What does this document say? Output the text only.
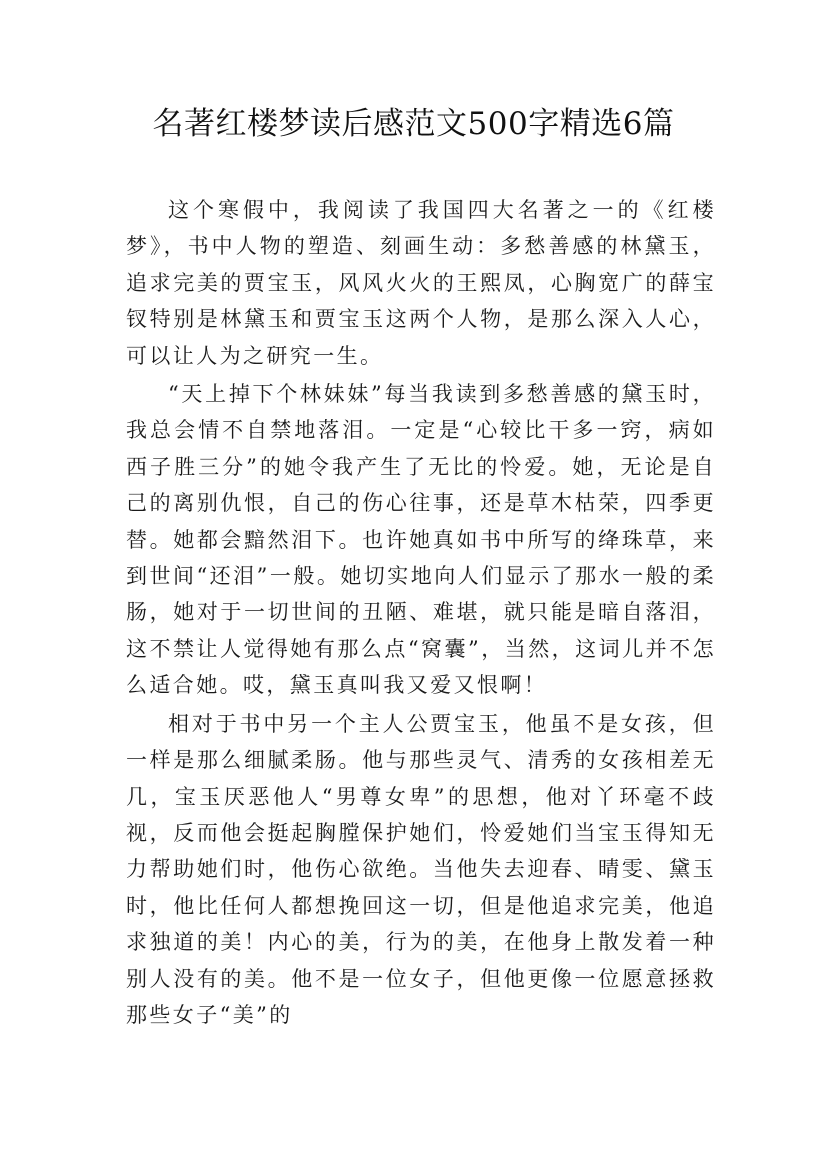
名著红楼梦读后感范文500字精选6篇

这个寒假中，我阅读了我国四大名著之一的《红楼梦》，书中人物的塑造、刻画生动：多愁善感的林黛玉，追求完美的贾宝玉，风风火火的王熙凤，心胸宽广的薛宝钗特别是林黛玉和贾宝玉这两个人物，是那么深入人心，可以让人为之研究一生。

“天上掉下个林妹妹”每当我读到多愁善感的黛玉时，我总会情不自禁地落泪。一定是“心较比干多一窍，病如西子胜三分”的她令我产生了无比的怜爱。她，无论是自己的离别仇恨，自己的伤心往事，还是草木枯荣，四季更替。她都会黯然泪下。也许她真如书中所写的绛珠草，来到世间“还泪”一般。她切实地向人们显示了那水一般的柔肠，她对于一切世间的丑陋、难堪，就只能是暗自落泪，这不禁让人觉得她有那么点“窝囊”，当然，这词儿并不怎么适合她。哎，黛玉真叫我又爱又恨啊！

相对于书中另一个主人公贾宝玉，他虽不是女孩，但一样是那么细腻柔肠。他与那些灵气、清秀的女孩相差无几，宝玉厌恶他人“男尊女卑”的思想，他对丫环毫不歧视，反而他会挺起胸膛保护她们，怜爱她们当宝玉得知无力帮助她们时，他伤心欲绝。当他失去迎春、晴雯、黛玉时，他比任何人都想挽回这一切，但是他追求完美，他追求独道的美！内心的美，行为的美，在他身上散发着一种别人没有的美。他不是一位女子，但他更像一位愿意拯救那些女子“美”的
